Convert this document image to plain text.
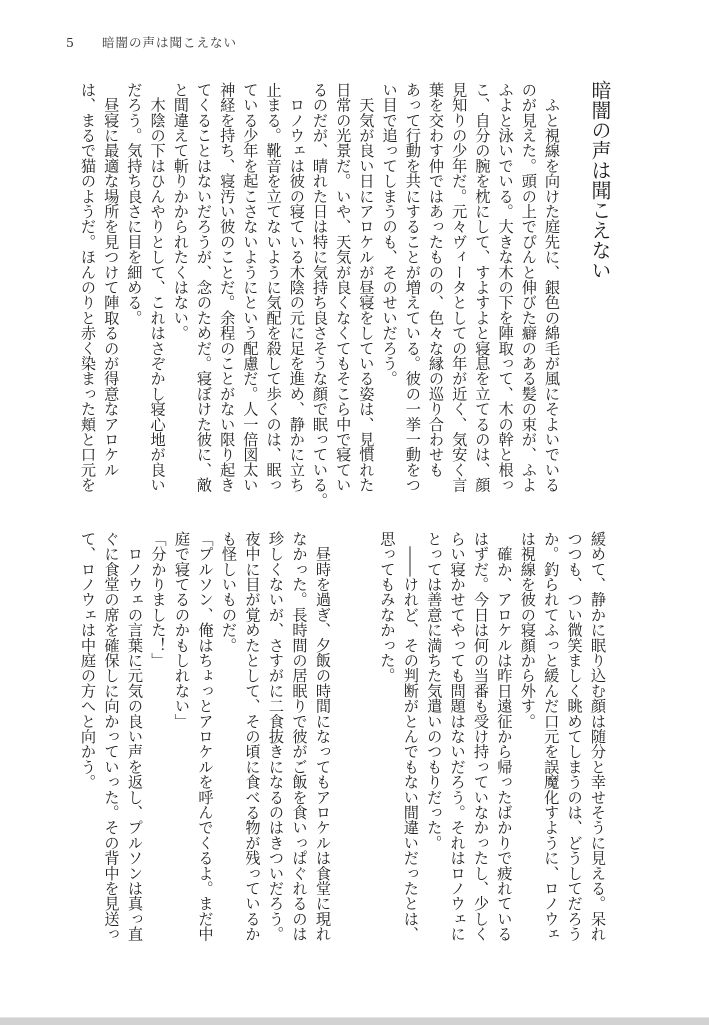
5 暗闇の声は聞こえない
暗闇の声は聞こえない
　ふと視線を向けた庭先に、銀色の綿毛が風にそよいでいる
のが見えた。頭の上でぴんと伸びた癖のある髪の束が、ふよ
ふよと泳いでいる。大きな木の下を陣取って、木の幹と根っ
こ、自分の腕を枕にして、すよすよと寝息を立てるのは、顔
見知りの少年だ。元々ヴィータとしての年が近く、気安く言
葉を交わす仲ではあったものの、色々な縁の巡り合わせも
あって行動を共にすることが増えている。彼の一挙一動をつ
い目で追ってしまうのも、そのせいだろう。
　天気が良い日にアロケルが昼寝をしている姿は、見慣れた
日常の光景だ。いや、天気が良くなくてもそこら中で寝てい
るのだが、晴れた日は特に気持ち良さそうな顔で眠っている。
　ロノウェは彼の寝ている木陰の元に足を進め、静かに立ち
止まる。靴音を立てないように気配を殺して歩くのは、眠っ
ている少年を起こさないようにという配慮だ。人一倍図太い
神経を持ち、寝汚い彼のことだ。余程のことがない限り起き
てくることはないだろうが、念のためだ。寝ぼけた彼に、敵
と間違えて斬りかかられたくはない。
　木陰の下はひんやりとして、これはさぞかし寝心地が良い
だろう。気持ち良さに目を細める。
　昼寝に最適な場所を見つけて陣取るのが得意なアロケル
は、まるで猫のようだ。ほんのりと赤く染まった頬と口元を
緩めて、静かに眠り込む顔は随分と幸せそうに見える。呆れ
つつも、つい微笑ましく眺めてしまうのは、どうしてだろう
か。釣られてふっと緩んだ口元を誤魔化すように、ロノウェ
は視線を彼の寝顔から外す。
　確か、アロケルは昨日遠征から帰ったばかりで疲れている
はずだ。今日は何の当番も受け持っていなかったし、少しく
らい寝かせてやっても問題はないだろう。それはロノウェに
とっては善意に満ちた気遣いのつもりだった。
　――けれど、その判断がとんでもない間違いだったとは、
思ってもみなかった。
　昼時を過ぎ、夕飯の時間になってもアロケルは食堂に現れ
なかった。長時間の居眠りで彼がご飯を食いっぱぐれるのは
珍しくないが、さすがに二食抜きになるのはきついだろう。
夜中に目が覚めたとして、その頃に食べる物が残っているか
も怪しいものだ。
「プルソン、俺はちょっとアロケルを呼んでくるよ。まだ中
庭で寝てるのかもしれない」
「分かりました！」
　ロノウェの言葉に元気の良い声を返し、プルソンは真っ直
ぐに食堂の席を確保しに向かっていった。その背中を見送っ
て、ロノウェは中庭の方へと向かう。
